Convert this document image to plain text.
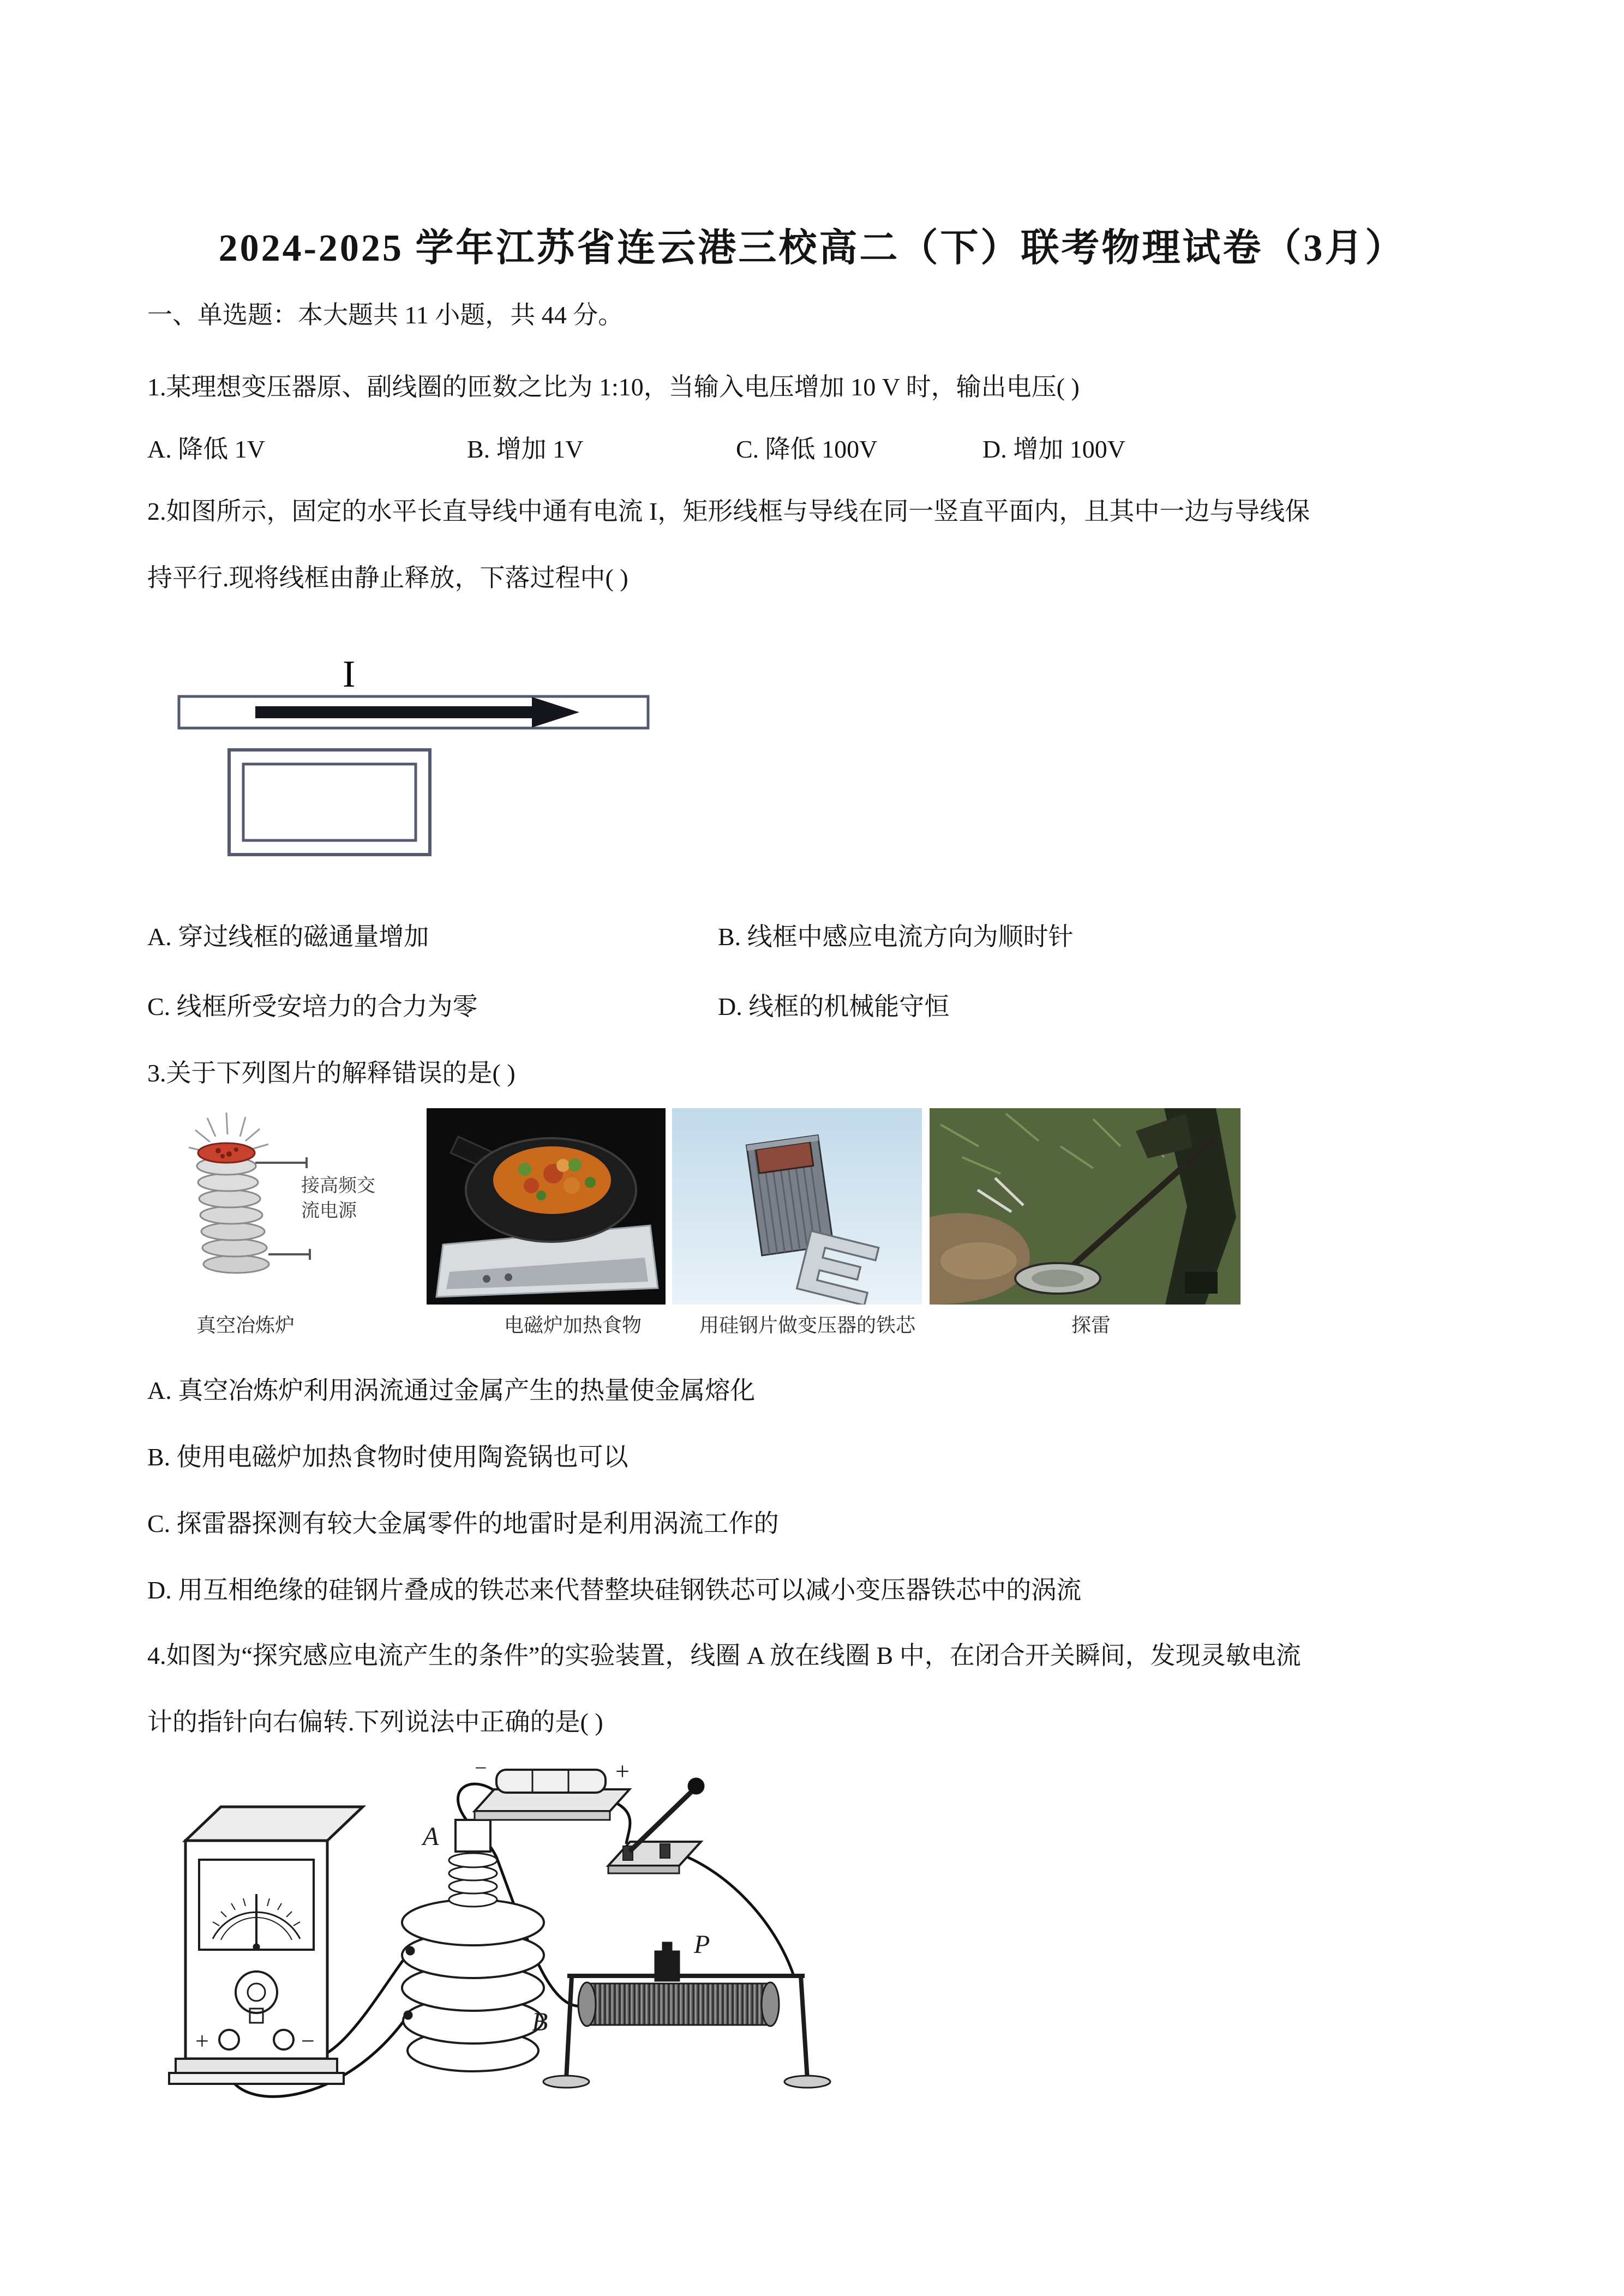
2024-2025 学年江苏省连云港三校高二（下）联考物理试卷（3月）
一、单选题：本大题共 11 小题，共 44 分。
1.某理想变压器原、副线圈的匝数之比为 1:10，当输入电压增加 10 V 时，输出电压( )
A. 降低 1V	B. 增加 1V	C. 降低 100V	D. 增加 100V
2.如图所示，固定的水平长直导线中通有电流 I，矩形线框与导线在同一竖直平面内，且其中一边与导线保
持平行.现将线框由静止释放，下落过程中( )
I
A. 穿过线框的磁通量增加	B. 线框中感应电流方向为顺时针
C. 线框所受安培力的合力为零	D. 线框的机械能守恒
3.关于下列图片的解释错误的是( )
接高频交流电源
真空冶炼炉	电磁炉加热食物	用硅钢片做变压器的铁芯	探雷
A. 真空冶炼炉利用涡流通过金属产生的热量使金属熔化
B. 使用电磁炉加热食物时使用陶瓷锅也可以
C. 探雷器探测有较大金属零件的地雷时是利用涡流工作的
D. 用互相绝缘的硅钢片叠成的铁芯来代替整块硅钢铁芯可以减小变压器铁芯中的涡流
4.如图为“探究感应电流产生的条件”的实验装置，线圈 A 放在线圈 B 中，在闭合开关瞬间，发现灵敏电流
计的指针向右偏转.下列说法中正确的是( )
+	−
A
B
+
−
P
